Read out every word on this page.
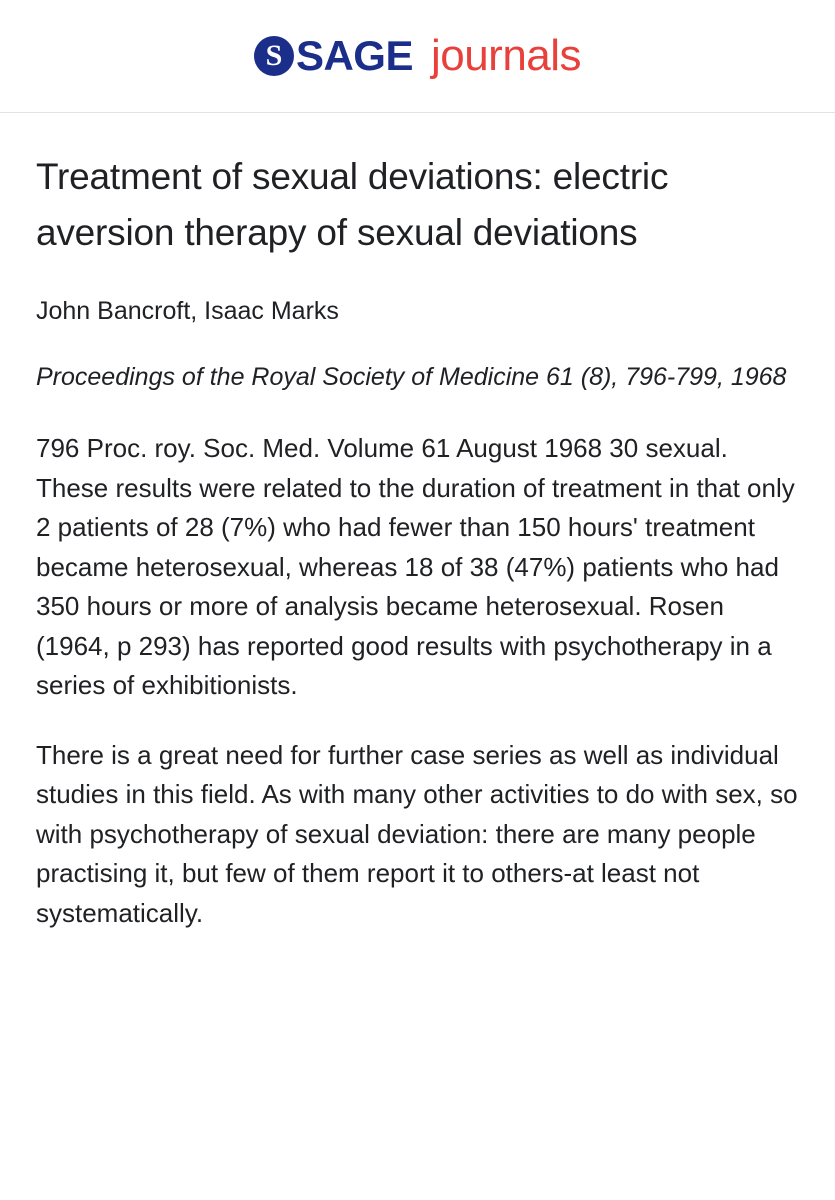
S SAGE journals
Treatment of sexual deviations: electric aversion therapy of sexual deviations
John Bancroft, Isaac Marks
Proceedings of the Royal Society of Medicine 61 (8), 796-799, 1968

796 Proc. roy. Soc. Med. Volume 61 August 1968 30 sexual. These results were related to the duration of treatment in that only 2 patients of 28 (7%) who had fewer than 150 hours' treatment became heterosexual, whereas 18 of 38 (47%) patients who had 350 hours or more of analysis became heterosexual. Rosen (1964, p 293) has reported good results with psychotherapy in a series of exhibitionists.

There is a great need for further case series as well as individual studies in this field. As with many other activities to do with sex, so with psychotherapy of sexual deviation: there are many people practising it, but few of them report it to others-at least not systematically.
